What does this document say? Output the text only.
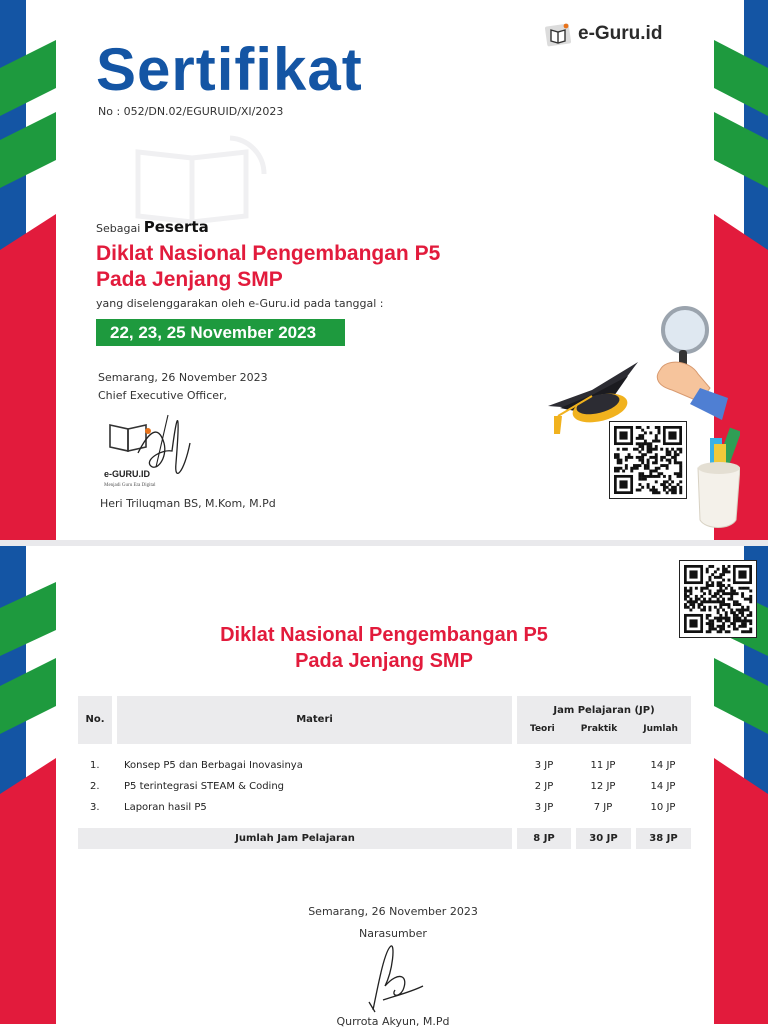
e-Guru.id
Sertifikat
No : 052/DN.02/EGURUID/XI/2023
Sebagai Peserta
Diklat Nasional Pengembangan P5
Pada Jenjang SMP
yang diselenggarakan oleh e-Guru.id pada tanggal :
22, 23, 25 November 2023
Semarang, 26 November 2023
Chief Executive Officer,
e-GURU.ID
Menjadi Guru Era Digital
Heri Triluqman BS, M.Kom, M.Pd
Diklat Nasional Pengembangan P5
Pada Jenjang SMP
No.	Materi
Jam Pelajaran (JP)
Teori	Praktik	Jumlah
1. Konsep P5 dan Berbagai Inovasinya	3 JP	11 JP	14 JP
2. P5 terintegrasi STEAM & Coding	2 JP	12 JP	14 JP
3. Laporan hasil P5	3 JP	7 JP	10 JP
Jumlah Jam Pelajaran	8 JP	30 JP	38 JP
Semarang, 26 November 2023
Narasumber
Qurrota Akyun, M.Pd
